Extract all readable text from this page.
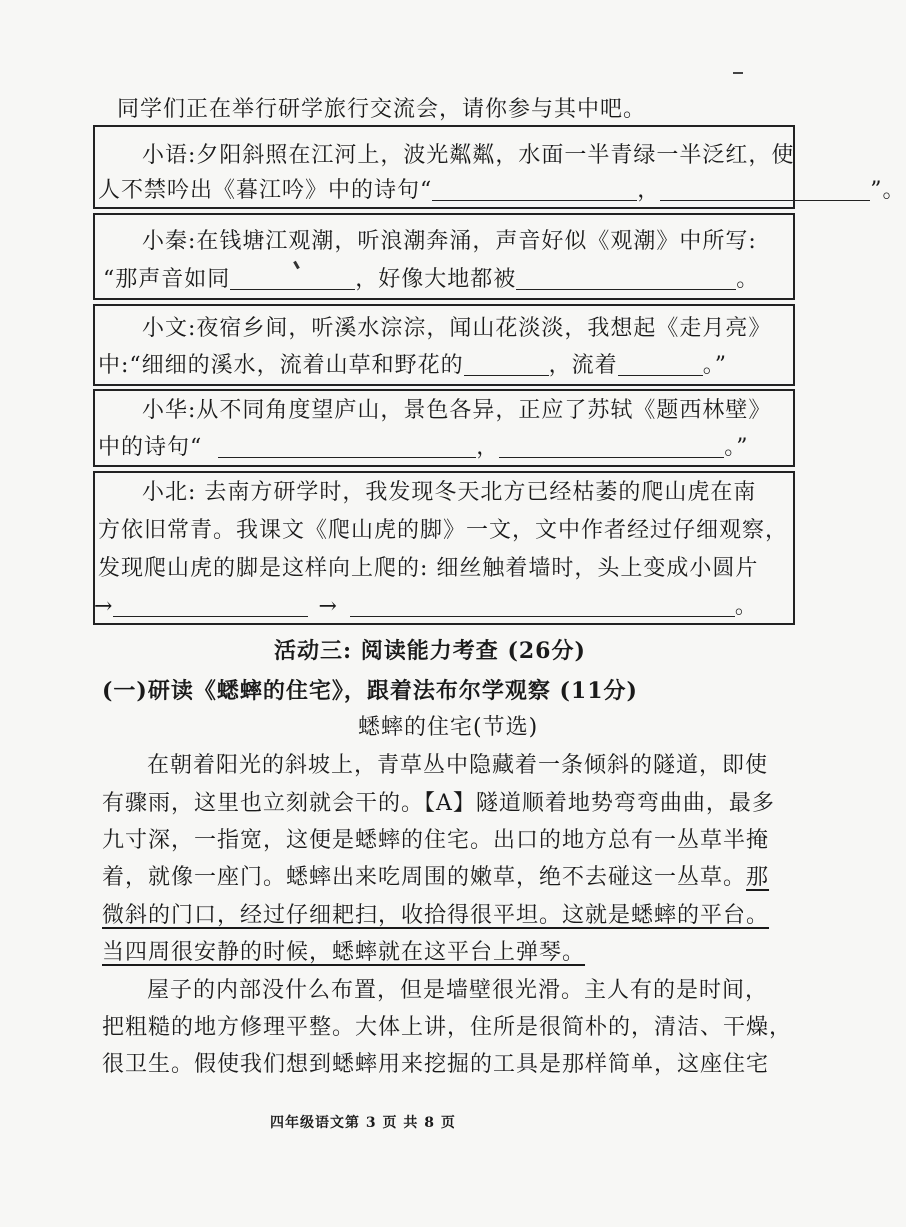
同学们正在举行研学旅行交流会，请你参与其中吧。
小语:夕阳斜照在江河上，波光粼粼，水面一半青绿一半泛红，使
人不禁吟出《暮江吟》中的诗句“	，	”。
小秦:在钱塘江观潮，听浪潮奔涌，声音好似《观潮》中所写:
“那声音如同	，好像大地都被	。
小文:夜宿乡间，听溪水淙淙，闻山花淡淡，我想起《走月亮》
中:“细细的溪水，流着山草和野花的	，流着	。”
小华:从不同角度望庐山，景色各异，正应了苏轼《题西林壁》
中的诗句“	，	。”
小北: 去南方研学时，我发现冬天北方已经枯萎的爬山虎在南
方依旧常青。我课文《爬山虎的脚》一文，文中作者经过仔细观察，
发现爬山虎的脚是这样向上爬的: 细丝触着墙时，头上变成小圆片
→	→	。
活动三: 阅读能力考查 (26分)
(一)研读《蟋蟀的住宅》，跟着法布尔学观察 (11分)
蟋蟀的住宅(节选)
在朝着阳光的斜坡上，青草丛中隐藏着一条倾斜的隧道，即使
有骤雨，这里也立刻就会干的。【A】隧道顺着地势弯弯曲曲，最多
九寸深，一指宽，这便是蟋蟀的住宅。出口的地方总有一丛草半掩
着，就像一座门。蟋蟀出来吃周围的嫩草，绝不去碰这一丛草。那
微斜的门口，经过仔细耙扫，收拾得很平坦。这就是蟋蟀的平台。
当四周很安静的时候，蟋蟀就在这平台上弹琴。
屋子的内部没什么布置，但是墙壁很光滑。主人有的是时间，
把粗糙的地方修理平整。大体上讲，住所是很简朴的，清洁、干燥，
很卫生。假使我们想到蟋蟀用来挖掘的工具是那样简单，这座住宅
四年级语文第 3 页 共 8 页
